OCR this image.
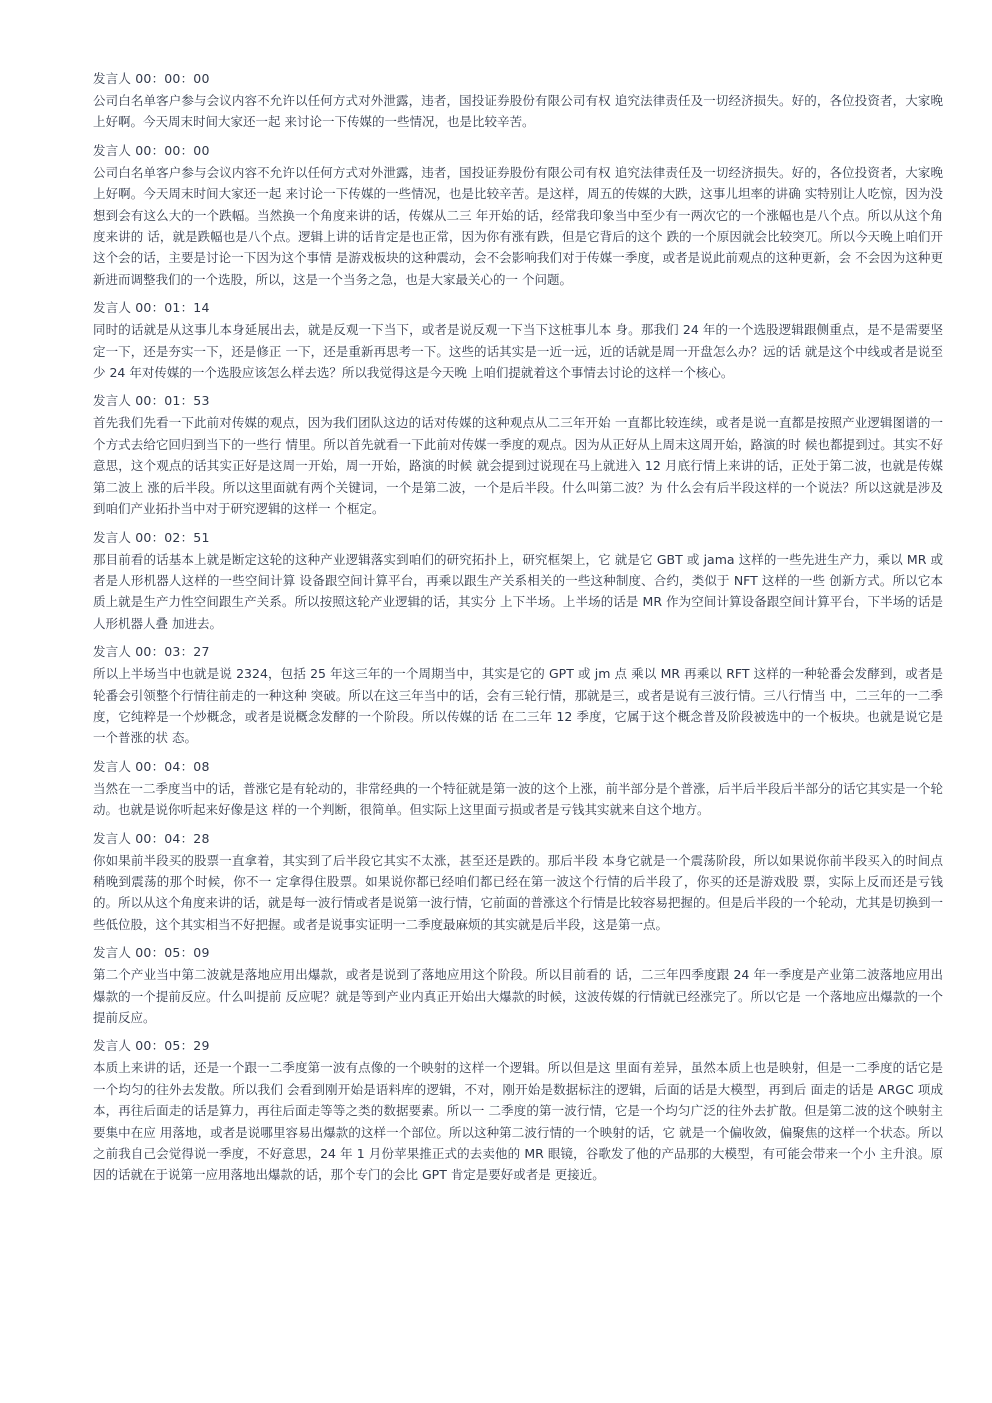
发言人 00：00：00

公司白名单客户参与会议内容不允许以任何方式对外泄露，违者，国投证券股份有限公司有权 追究法律责任及一切经济损失。好的，各位投资者，大家晚上好啊。今天周末时间大家还一起 来讨论一下传媒的一些情况，也是比较辛苦。

发言人 00：00：00

公司白名单客户参与会议内容不允许以任何方式对外泄露，违者，国投证券股份有限公司有权 追究法律责任及一切经济损失。好的，各位投资者，大家晚上好啊。今天周末时间大家还一起 来讨论一下传媒的一些情况，也是比较辛苦。是这样，周五的传媒的大跌，这事儿坦率的讲确 实特别让人吃惊，因为没想到会有这么大的一个跌幅。当然换一个角度来讲的话，传媒从二三 年开始的话，经常我印象当中至少有一两次它的一个涨幅也是八个点。所以从这个角度来讲的 话，就是跌幅也是八个点。逻辑上讲的话肯定是也正常，因为你有涨有跌，但是它背后的这个 跌的一个原因就会比较突兀。所以今天晚上咱们开这个会的话，主要是讨论一下因为这个事情 是游戏板块的这种震动，会不会影响我们对于传媒一季度，或者是说此前观点的这种更新，会 不会因为这种更新进而调整我们的一个选股，所以，这是一个当务之急，也是大家最关心的一 个问题。

发言人 00：01：14

同时的话就是从这事儿本身延展出去，就是反观一下当下，或者是说反观一下当下这桩事儿本 身。那我们 24 年的一个选股逻辑跟侧重点，是不是需要坚定一下，还是夯实一下，还是修正 一下，还是重新再思考一下。这些的话其实是一近一远，近的话就是周一开盘怎么办？远的话 就是这个中线或者是说至少 24 年对传媒的一个选股应该怎么样去选？所以我觉得这是今天晚 上咱们提就着这个事情去讨论的这样一个核心。

发言人 00：01：53

首先我们先看一下此前对传媒的观点，因为我们团队这边的话对传媒的这种观点从二三年开始 一直都比较连续，或者是说一直都是按照产业逻辑图谱的一个方式去给它回归到当下的一些行 情里。所以首先就看一下此前对传媒一季度的观点。因为从正好从上周末这周开始，路演的时 候也都提到过。其实不好意思，这个观点的话其实正好是这周一开始，周一开始，路演的时候 就会提到过说现在马上就进入 12 月底行情上来讲的话，正处于第二波，也就是传媒第二波上 涨的后半段。所以这里面就有两个关键词，一个是第二波，一个是后半段。什么叫第二波？为 什么会有后半段这样的一个说法？所以这就是涉及到咱们产业拓扑当中对于研究逻辑的这样一 个框定。

发言人 00：02：51

那目前看的话基本上就是断定这轮的这种产业逻辑落实到咱们的研究拓扑上，研究框架上，它 就是它 GBT 或 jama 这样的一些先进生产力，乘以 MR 或者是人形机器人这样的一些空间计算 设备跟空间计算平台，再乘以跟生产关系相关的一些这种制度、合约，类似于 NFT 这样的一些 创新方式。所以它本质上就是生产力性空间跟生产关系。所以按照这轮产业逻辑的话，其实分 上下半场。上半场的话是 MR 作为空间计算设备跟空间计算平台，下半场的话是人形机器人叠 加进去。

发言人 00：03：27

所以上半场当中也就是说 2324，包括 25 年这三年的一个周期当中，其实是它的 GPT 或 jm 点 乘以 MR 再乘以 RFT 这样的一种轮番会发酵到，或者是轮番会引领整个行情往前走的一种这种 突破。所以在这三年当中的话，会有三轮行情，那就是三，或者是说有三波行情。三八行情当 中，二三年的一二季度，它纯粹是一个炒概念，或者是说概念发酵的一个阶段。所以传媒的话 在二三年 12 季度，它属于这个概念普及阶段被选中的一个板块。也就是说它是一个普涨的状 态。

发言人 00：04：08

当然在一二季度当中的话，普涨它是有轮动的，非常经典的一个特征就是第一波的这个上涨，前半部分是个普涨，后半后半段后半部分的话它其实是一个轮动。也就是说你听起来好像是这 样的一个判断，很简单。但实际上这里面亏损或者是亏钱其实就来自这个地方。

发言人 00：04：28

你如果前半段买的股票一直拿着，其实到了后半段它其实不太涨，甚至还是跌的。那后半段 本身它就是一个震荡阶段，所以如果说你前半段买入的时间点稍晚到震荡的那个时候，你不一 定拿得住股票。如果说你都已经咱们都已经在第一波这个行情的后半段了，你买的还是游戏股 票，实际上反而还是亏钱的。所以从这个角度来讲的话，就是每一波行情或者是说第一波行情，它前面的普涨这个行情是比较容易把握的。但是后半段的一个轮动，尤其是切换到一些低位股，这个其实相当不好把握。或者是说事实证明一二季度最麻烦的其实就是后半段，这是第一点。

发言人 00：05：09

第二个产业当中第二波就是落地应用出爆款，或者是说到了落地应用这个阶段。所以目前看的 话，二三年四季度跟 24 年一季度是产业第二波落地应用出爆款的一个提前反应。什么叫提前 反应呢？就是等到产业内真正开始出大爆款的时候，这波传媒的行情就已经涨完了。所以它是 一个落地应出爆款的一个提前反应。

发言人 00：05：29

本质上来讲的话，还是一个跟一二季度第一波有点像的一个映射的这样一个逻辑。所以但是这 里面有差异，虽然本质上也是映射，但是一二季度的话它是一个均匀的往外去发散。所以我们 会看到刚开始是语料库的逻辑，不对，刚开始是数据标注的逻辑，后面的话是大模型，再到后 面走的话是 ARGC 项成本，再往后面走的话是算力，再往后面走等等之类的数据要素。所以一 二季度的第一波行情，它是一个均匀广泛的往外去扩散。但是第二波的这个映射主要集中在应 用落地，或者是说哪里容易出爆款的这样一个部位。所以这种第二波行情的一个映射的话，它 就是一个偏收敛，偏聚焦的这样一个状态。所以之前我自己会觉得说一季度，不好意思，24 年 1 月份苹果推正式的去卖他的 MR 眼镜，谷歌发了他的产品那的大模型，有可能会带来一个小 主升浪。原因的话就在于说第一应用落地出爆款的话，那个专门的会比 GPT 肯定是要好或者是 更接近。
